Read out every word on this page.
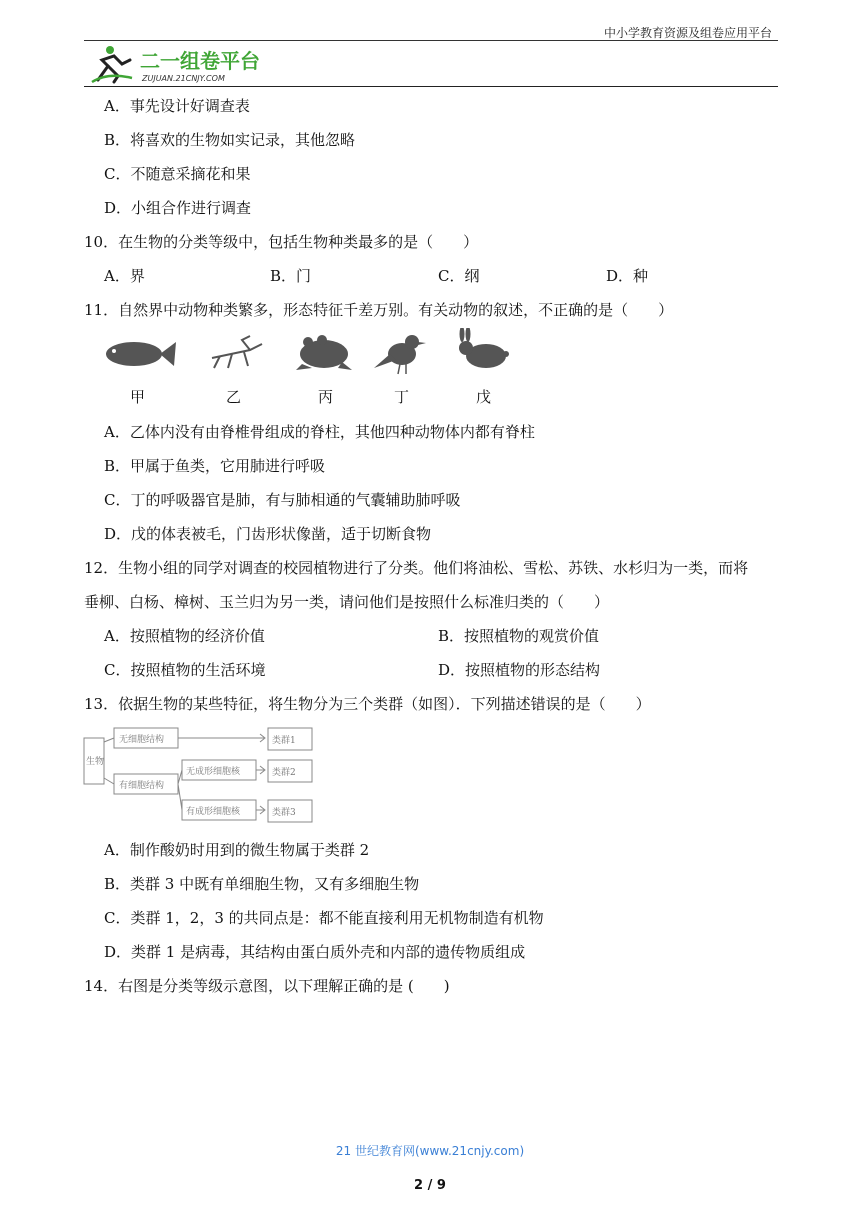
中小学教育资源及组卷应用平台
二一组卷平台
ZUJUAN.21CNJY.COM
A．事先设计好调查表
B．将喜欢的生物如实记录，其他忽略
C．不随意采摘花和果
D．小组合作进行调查
10．在生物的分类等级中，包括生物种类最多的是（　　）
A．界	B．门	C．纲	D．种
11．自然界中动物种类繁多，形态特征千差万别。有关动物的叙述，不正确的是（　　）
甲	乙	丙	丁	戊
A．乙体内没有由脊椎骨组成的脊柱，其他四种动物体内都有脊柱
B．甲属于鱼类，它用肺进行呼吸
C．丁的呼吸器官是肺，有与肺相通的气囊辅助肺呼吸
D．戊的体表被毛，门齿形状像凿，适于切断食物
12．生物小组的同学对调查的校园植物进行了分类。他们将油松、雪松、苏铁、水杉归为一类，而将
垂柳、白杨、樟树、玉兰归为另一类，请问他们是按照什么标准归类的（　　）
A．按照植物的经济价值	B．按照植物的观赏价值
C．按照植物的生活环境	D．按照植物的形态结构
13．依据生物的某些特征，将生物分为三个类群（如图）．下列描述错误的是（　　）
生物
无细胞结构
有细胞结构
无成形细胞核
有成形细胞核
类群1
类群2
类群3
A．制作酸奶时用到的微生物属于类群 2
B．类群 3 中既有单细胞生物，又有多细胞生物
C．类群 1，2，3 的共同点是：都不能直接利用无机物制造有机物
D．类群 1 是病毒，其结构由蛋白质外壳和内部的遗传物质组成
14．右图是分类等级示意图，以下理解正确的是 (　　)
21 世纪教育网(www.21cnjy.com)
2 / 9
